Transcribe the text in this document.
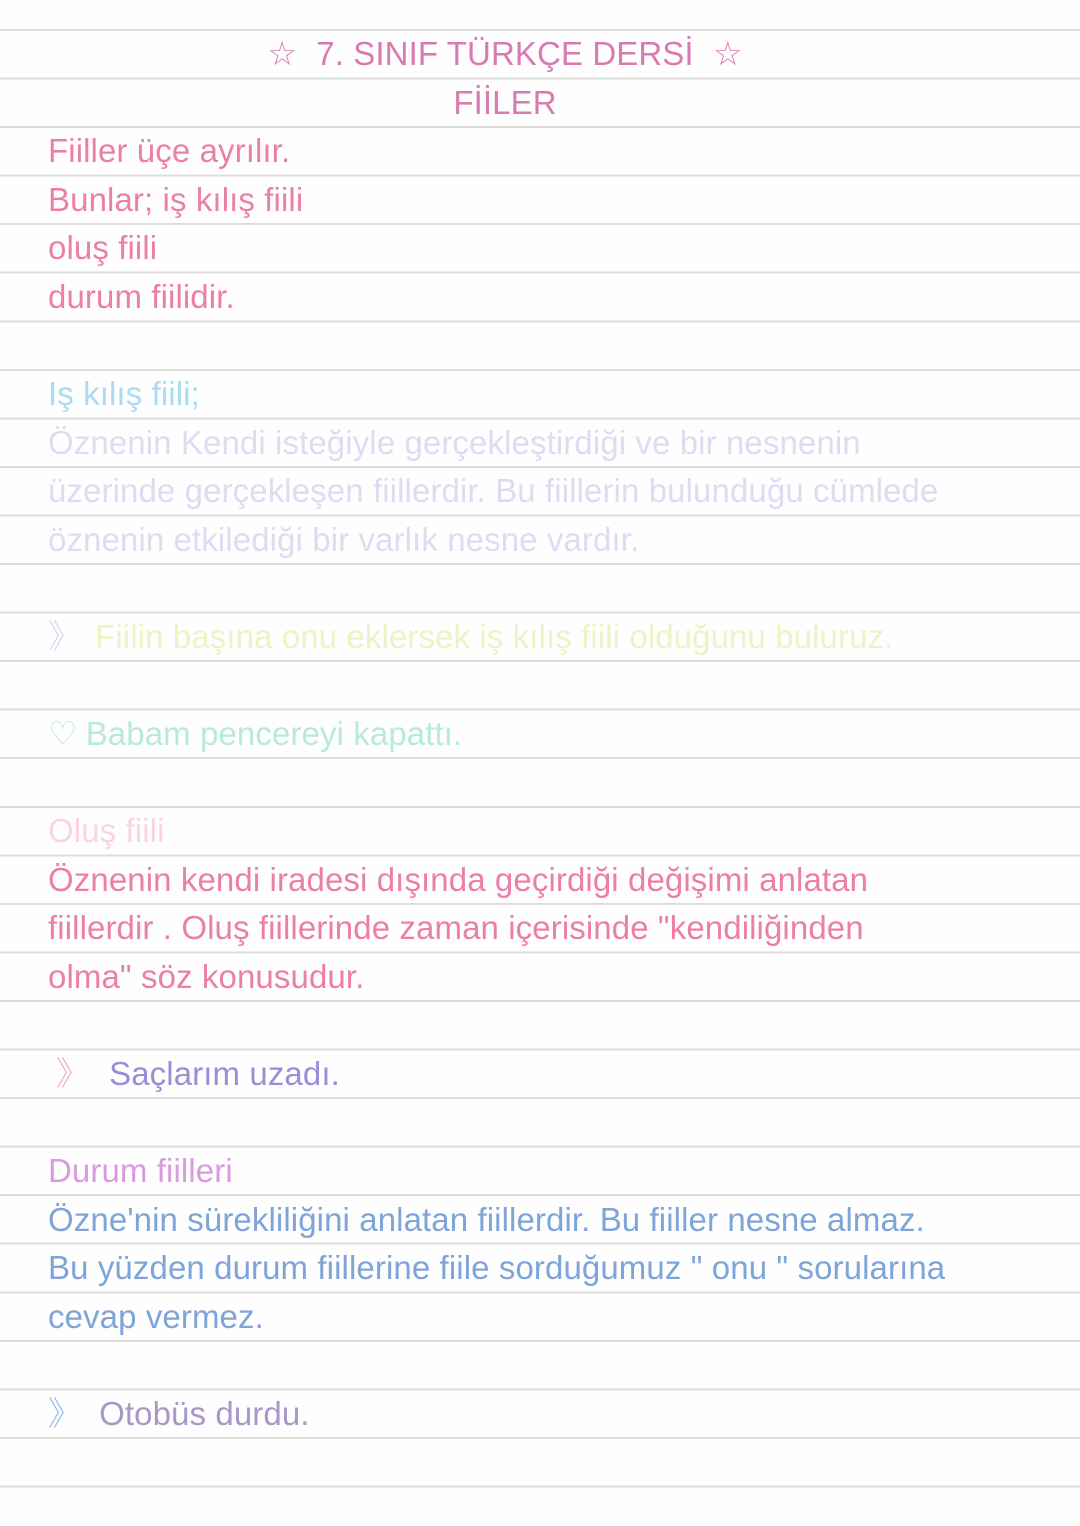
☆ 7. SINIF TÜRKÇE DERSİ ☆
FİİLER
Fiiller üçe ayrılır.
Bunlar; iş kılış fiili
oluş fiili
durum fiilidir.
Iş kılış fiili;
Öznenin Kendi isteğiyle gerçekleştirdiği ve bir nesnenin
üzerinde gerçekleşen fiillerdir. Bu fiillerin bulunduğu cümlede
öznenin etkilediği bir varlık nesne vardır.
》 Fiilin başına onu eklersek iş kılış fiili olduğunu buluruz.
♡ Babam pencereyi kapattı.
Oluş fiili
Öznenin kendi iradesi dışında geçirdiği değişimi anlatan
fiillerdir . Oluş fiillerinde zaman içerisinde "kendiliğinden
olma" söz konusudur.
》 Saçlarım uzadı.
Durum fiilleri
Özne'nin sürekliliğini anlatan fiillerdir. Bu fiiller nesne almaz.
Bu yüzden durum fiillerine fiile sorduğumuz " onu " sorularına
cevap vermez.
》 Otobüs durdu.
